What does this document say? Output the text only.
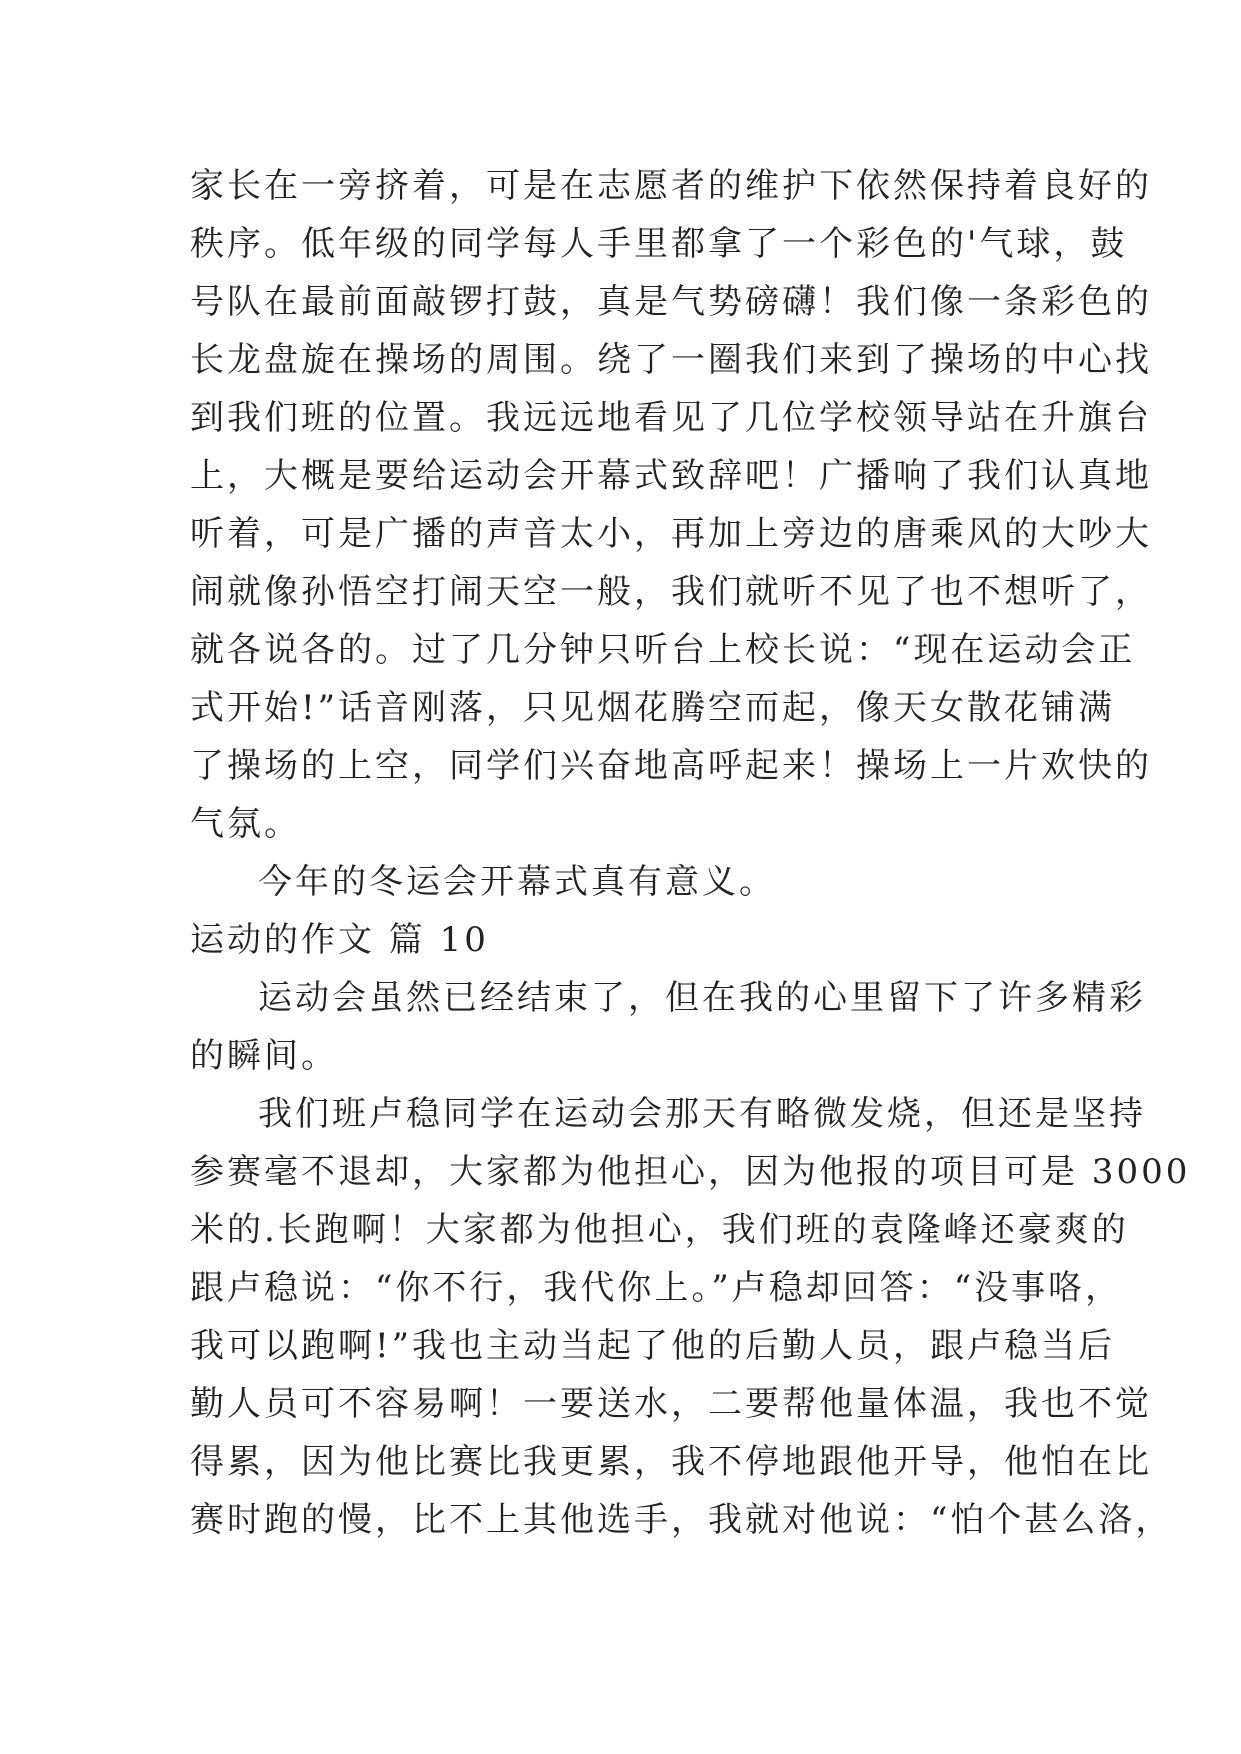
家长在一旁挤着，可是在志愿者的维护下依然保持着良好的
秩序。低年级的同学每人手里都拿了一个彩色的'气球，鼓
号队在最前面敲锣打鼓，真是气势磅礴！我们像一条彩色的
长龙盘旋在操场的周围。绕了一圈我们来到了操场的中心找
到我们班的位置。我远远地看见了几位学校领导站在升旗台
上，大概是要给运动会开幕式致辞吧！广播响了我们认真地
听着，可是广播的声音太小，再加上旁边的唐乘风的大吵大
闹就像孙悟空打闹天空一般，我们就听不见了也不想听了，
就各说各的。过了几分钟只听台上校长说：“现在运动会正
式开始!”话音刚落，只见烟花腾空而起，像天女散花铺满
了操场的上空，同学们兴奋地高呼起来！操场上一片欢快的
气氛。
今年的冬运会开幕式真有意义。
运动的作文 篇 10
运动会虽然已经结束了，但在我的心里留下了许多精彩
的瞬间。
我们班卢稳同学在运动会那天有略微发烧，但还是坚持
参赛毫不退却，大家都为他担心，因为他报的项目可是 3000
米的.长跑啊！大家都为他担心，我们班的袁隆峰还豪爽的
跟卢稳说：“你不行，我代你上。”卢稳却回答：“没事咯，
我可以跑啊!”我也主动当起了他的后勤人员，跟卢稳当后
勤人员可不容易啊！一要送水，二要帮他量体温，我也不觉
得累，因为他比赛比我更累，我不停地跟他开导，他怕在比
赛时跑的慢，比不上其他选手，我就对他说：“怕个甚么洛，
